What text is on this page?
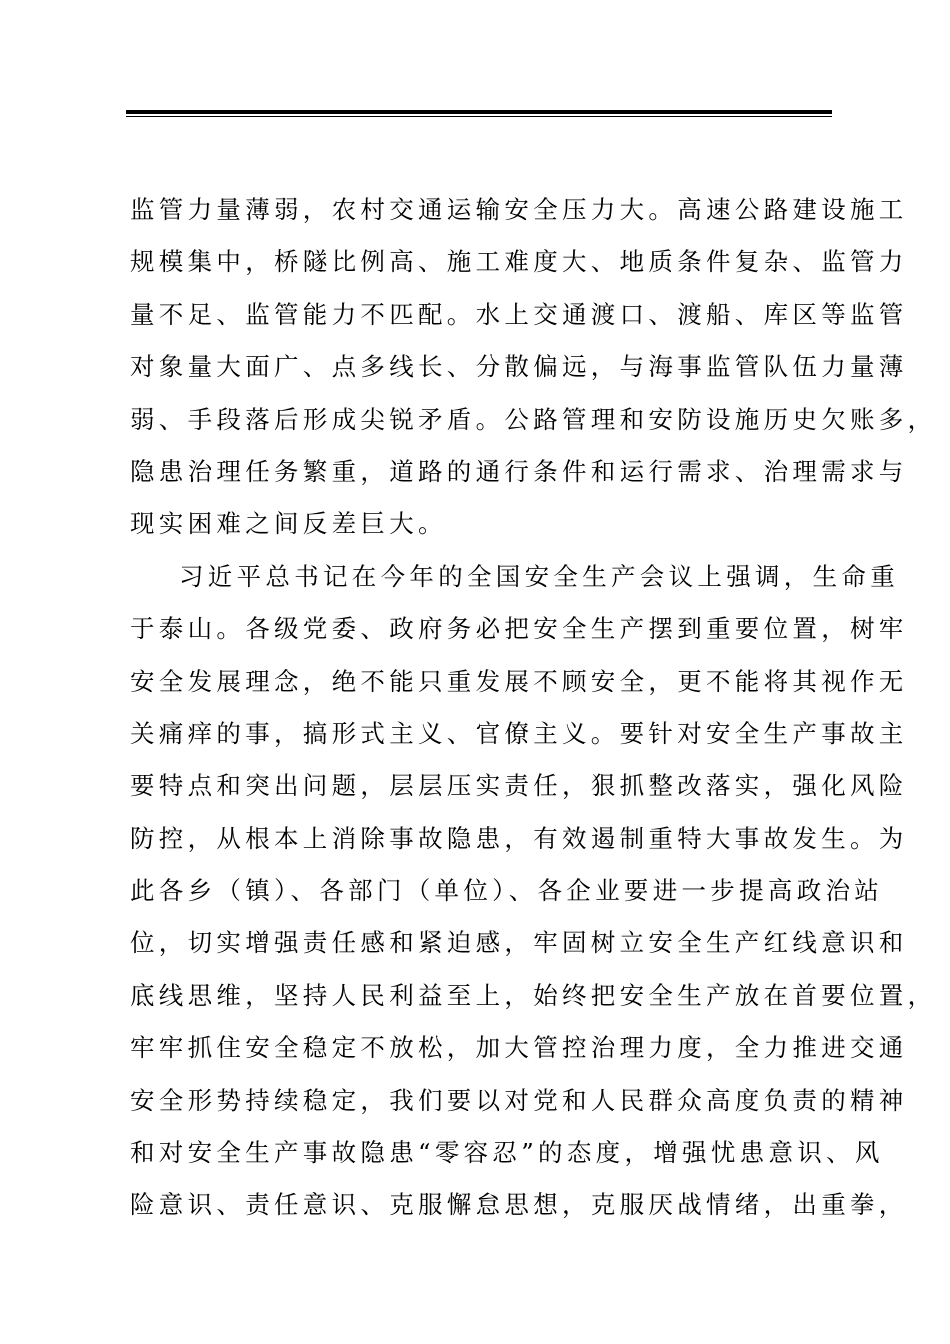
监管力量薄弱，农村交通运输安全压力大。高速公路建设施工
规模集中，桥隧比例高、施工难度大、地质条件复杂、监管力
量不足、监管能力不匹配。水上交通渡口、渡船、库区等监管
对象量大面广、点多线长、分散偏远，与海事监管队伍力量薄
弱、手段落后形成尖锐矛盾。公路管理和安防设施历史欠账多，
隐患治理任务繁重，道路的通行条件和运行需求、治理需求与
现实困难之间反差巨大。
习近平总书记在今年的全国安全生产会议上强调，生命重
于泰山。各级党委、政府务必把安全生产摆到重要位置，树牢
安全发展理念，绝不能只重发展不顾安全，更不能将其视作无
关痛痒的事，搞形式主义、官僚主义。要针对安全生产事故主
要特点和突出问题，层层压实责任，狠抓整改落实，强化风险
防控，从根本上消除事故隐患，有效遏制重特大事故发生。为
此各乡（镇）、各部门（单位）、各企业要进一步提高政治站
位，切实增强责任感和紧迫感，牢固树立安全生产红线意识和
底线思维，坚持人民利益至上，始终把安全生产放在首要位置，
牢牢抓住安全稳定不放松，加大管控治理力度，全力推进交通
安全形势持续稳定，我们要以对党和人民群众高度负责的精神
和对安全生产事故隐患“零容忍”的态度，增强忧患意识、风
险意识、责任意识、克服懈怠思想，克服厌战情绪，出重拳，
